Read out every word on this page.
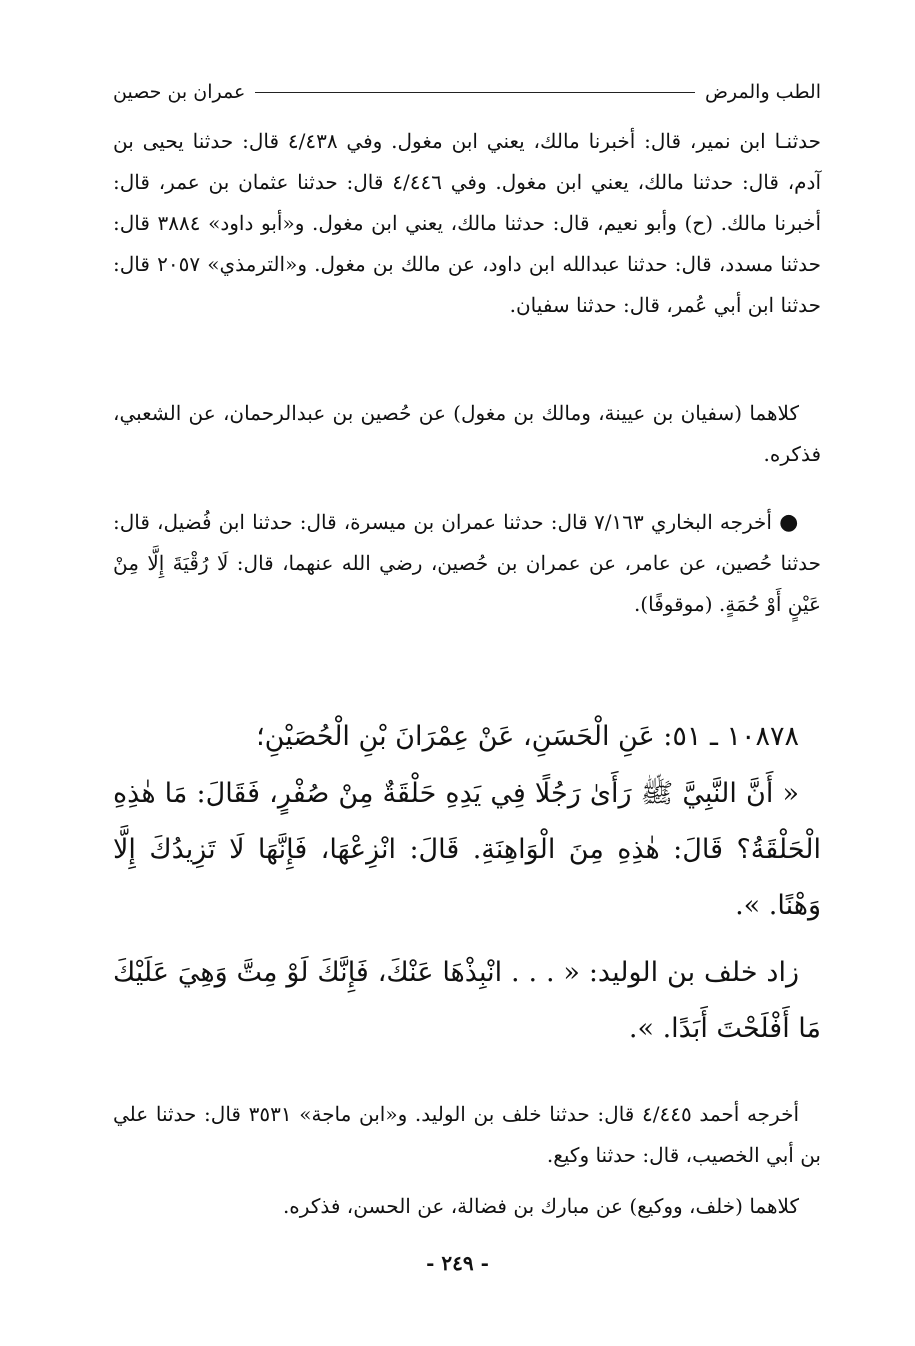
الطب والمرض
عمران بن حصين

حدثنـا ابن نمير، قال: أخبرنا مالك، يعني ابن مغول. وفي ٤/٤٣٨ قال: حدثنا يحيى بن آدم، قال: حدثنا مالك، يعني ابن مغول. وفي ٤/٤٤٦ قال: حدثنا عثمان بن عمر، قال: أخبرنا مالك. (ح) وأبو نعيم، قال: حدثنا مالك، يعني ابن مغول. و«أبو داود» ٣٨٨٤ قال: حدثنا مسدد، قال: حدثنا عبدالله ابن داود، عن مالك بن مغول. و«الترمذي» ٢٠٥٧ قال: حدثنا ابن أبي عُمر، قال: حدثنا سفيان.

كلاهما (سفيان بن عيينة، ومالك بن مغول) عن حُصين بن عبدالرحمان، عن الشعبي، فذكره.

● أخرجه البخاري ٧/١٦٣ قال: حدثنا عمران بن ميسرة، قال: حدثنا ابن فُضيل، قال: حدثنا حُصين، عن عامر، عن عمران بن حُصين، رضي الله عنهما، قال: لَا رُقْيَةَ إِلَّا مِنْ عَيْنٍ أَوْ حُمَةٍ. (موقوفًا).

١٠٨٧٨ ـ ٥١: عَنِ الْحَسَنِ، عَنْ عِمْرَانَ بْنِ الْحُصَيْنِ؛

« أَنَّ النَّبِيَّ ﷺ رَأَىٰ رَجُلًا فِي يَدِهِ حَلْقَةٌ مِنْ صُفْرٍ، فَقَالَ: مَا هٰذِهِ الْحَلْقَةُ؟ قَالَ: هٰذِهِ مِنَ الْوَاهِنَةِ. قَالَ: انْزِعْهَا، فَإِنَّهَا لَا تَزِيدُكَ إِلَّا وَهْنًا. ».

زاد خلف بن الوليد: « . . . انْبِذْهَا عَنْكَ، فَإِنَّكَ لَوْ مِتَّ وَهِيَ عَلَيْكَ مَا أَفْلَحْتَ أَبَدًا. ».

أخرجه أحمد ٤/٤٤٥ قال: حدثنا خلف بن الوليد. و«ابن ماجة» ٣٥٣١ قال: حدثنا علي بن أبي الخصيب، قال: حدثنا وكيع.

كلاهما (خلف، ووكيع) عن مبارك بن فضالة، عن الحسن، فذكره.

- ٢٤٩ -
